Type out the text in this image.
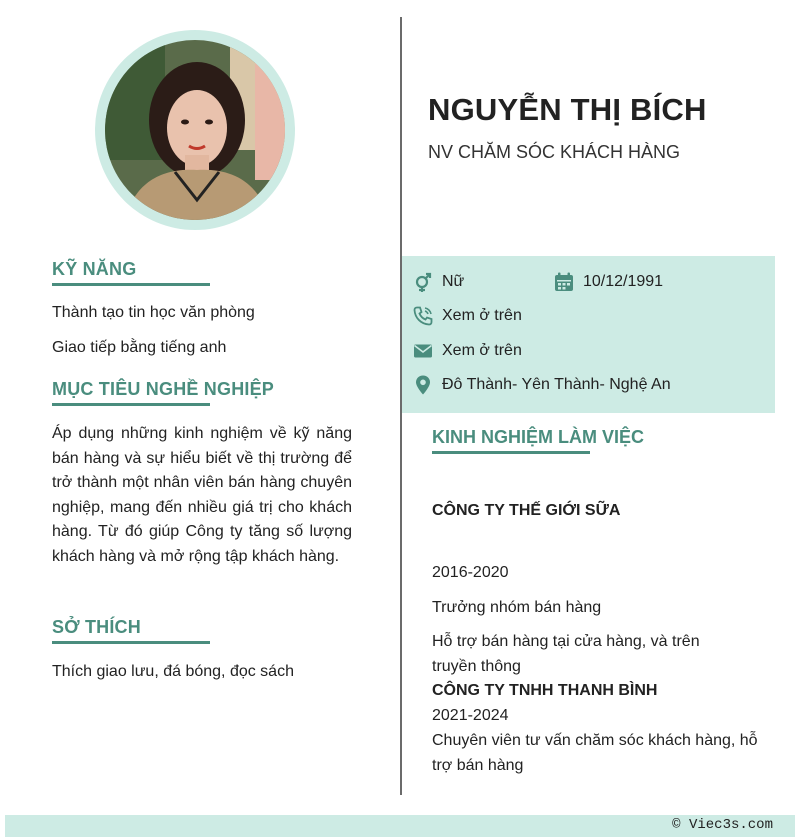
KỸ NĂNG
Thành tạo tin học văn phòng
Giao tiếp bằng tiếng anh
MỤC TIÊU NGHỀ NGHIỆP
Áp dụng những kinh nghiệm về kỹ năng bán hàng và sự hiểu biết về thị trường để trở thành một nhân viên bán hàng chuyên nghiệp, mang đến nhiều giá trị cho khách hàng. Từ đó giúp Công ty tăng số lượng khách hàng và mở rộng tập khách hàng.
SỞ THÍCH
Thích giao lưu, đá bóng, đọc sách
NGUYỄN THỊ BÍCH
NV CHĂM SÓC KHÁCH HÀNG
Nữ	10/12/1991
Xem ở trên
Xem ở trên
Đô Thành- Yên Thành- Nghệ An
KINH NGHIỆM LÀM VIỆC
CÔNG TY THẾ GIỚI SỮA
2016-2020
Trưởng nhóm bán hàng
Hỗ trợ bán hàng tại cửa hàng, và trên truyền thông
CÔNG TY TNHH THANH BÌNH
2021-2024
Chuyên viên tư vấn chăm sóc khách hàng, hỗ trợ bán hàng
© Viec3s.com
